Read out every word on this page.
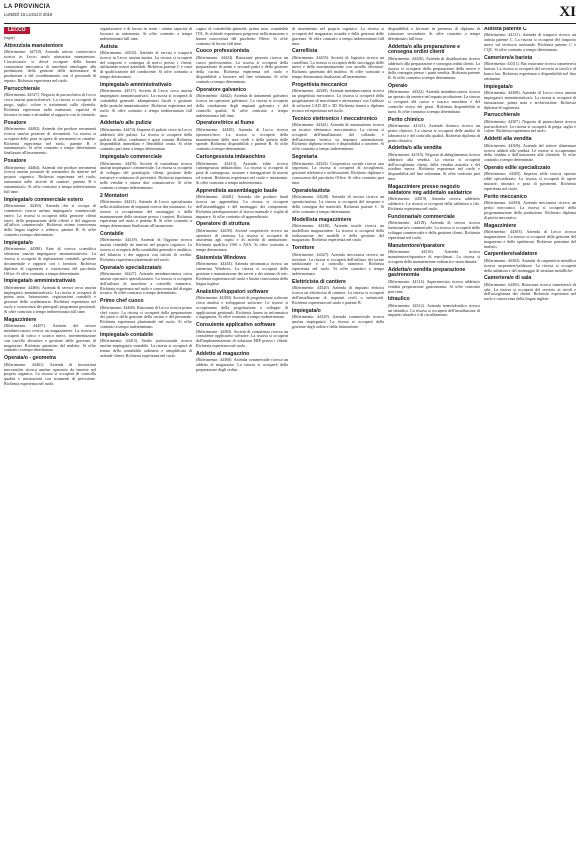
LA PROVINCIA
LUNEDÌ 15 LUGLIO 2019	XI
LECCO
(segue)
Attrezzista manutentore
(Riferimento: 44710). Azienda settore cartotecnico ricerca in Lecco una/o attrezzista manutentore. L'incaricata/o si dovrà occupare della buona conoscenza meccanica di macchine omologate alla produzione, della gestione delle attrezzature di produzione e del coordinamento con il personale di reparto. Richiesta esperienza nel ruolo.
Parrucchiera/e
(Riferimento: 44527). Negozio di parrucchiera di Lecco cerca una/un parrucchiera/e. La risorsa si occuperà di piega, taglio, colore e trattamenti sulla clientela. Richiesta esperienza nella mansione, capacità di lavorare in team e attitudine al rapporto con la clientela.
Posatore
(Riferimento: 44492). Azienda che produce serramenti ricerca una/un posatore di serramenti. La risorsa si occuperà della posa in opera di serramenti in cantiere. Richiesta esperienza nel ruolo, patente B e automunita/o. Si offre contratto a tempo determinato finalizzato all'inserimento.
Posatore
(Riferimento: 44464). Azienda che produce serramenti ricerca una/un posatore di serramenti da inserire nel proprio organico. Richiesta esperienza nel ruolo, autonomia nelle attività di cantiere, patente B e automunita/o. Si offre contratto a tempo indeterminato full time.
Impiegata/o commerciale estero
(Riferimento: 44453). Azienda che si occupa di commercio ricerca un/una impiegata/o commerciale estero. La risorsa si occuperà della gestione clienti esteri, della preparazione delle offerte e del supporto all'ufficio commerciale. Richiesta ottima conoscenza della lingua inglese e tedesca, patente B. Si offre contratto a tempo determinato.
Impiegata/o
(Riferimento: 44380). Ente di ricerca scientifica seleziona una/un impiegata/o amministrativa/o. La risorsa si occuperà di registrazioni contabili, gestione documentale e rapporti con i fornitori. Richiesto diploma di ragioneria e conoscenza del pacchetto Office. Si offre contratto a tempo determinato.
Impiegata/o amministrativa/o
(Riferimento: 44466). Azienda di servizi cerca una/un impiegata/o amministrativa/o. La risorsa si occuperà di prima nota, fatturazione, registrazioni contabili e gestione dello scadenziario. Richiesta esperienza nel ruolo e conoscenza dei principali programmi gestionali. Si offre contratto a tempo indeterminato full time.
Magazziniere
(Riferimento: 44497). Azienda del settore metalmeccanico ricerca un magazziniere. La risorsa si occuperà di carico e scarico merci, movimentazione con carrello elevatore e gestione delle giacenze di magazzino. Richiesto patentino del muletto. Si offre contratto a tempo determinato.
Operaia/o - geometra
(Riferimento: 44461). Azienda di lavorazioni meccaniche ricerca una/un operaia/o da inserire nel proprio organico. La risorsa si occuperà di controllo qualità e misurazioni con strumenti di precisione. Richiesta esperienza nel ruolo.
organizzative e di lavoro in team - ottima capacità di lavorare in autonomia. Si offre contratto a tempo indeterminato full time.
Autista
(Riferimento: 44535). Azienda di servizi e trasporti ricerca in Lecco una/un autista. La risorsa si occuperà del trasporto e consegna di merci presso i clienti, utilizzando mezzi aziendali. Richiesta patente C e carta di qualificazione del conducente. Si offre contratto a tempo determinato.
Impiegata/o amministrativa/o
(Riferimento: 44517). Società di Lecco cerca una/un impiegata/o amministrativa/o. La risorsa si occuperà di contabilità generale, adempimenti fiscali e gestione delle pratiche amministrative. Richiesta esperienza nel ruolo. Si offre contratto a tempo indeterminato full time.
Addetta/o alle pulizie
(Riferimento: 44474). Impresa di pulizie cerca in Lecco addetta/o alle pulizie. La risorsa si occuperà della pulizia di uffici, condomini e spazi comuni. Richiesta disponibilità immediata e flessibilità oraria. Si offre contratto part time a tempo determinato.
Impiegata/o commerciale
(Riferimento: 44476). Società di consulenza ricerca una/un impiegata/o commerciale. La risorsa si occuperà di sviluppo del portafoglio clienti, gestione delle trattative e redazione di preventivi. Richiesta esperienza nelle vendite e ottime doti comunicative. Si offre contratto a tempo indeterminato.
2 Montatori
(Riferimento: 44431). Azienda di Lecco specializzata nella installazione di impianti ricerca due montatori. Le risorse si occuperanno del montaggio e della manutenzione delle strutture presso i cantieri. Richiesta esperienza nel ruolo e patente B. Si offre contratto a tempo determinato finalizzato all'assunzione.
Contabile
(Riferimento: 44418). Azienda di Oggiono ricerca una/un contabile da inserire nel proprio organico. La risorsa si occuperà della contabilità generale e analitica, del bilancio e dei rapporti con istituti di credito. Richiesta esperienza pluriennale nel ruolo.
Operaia/o specializzata/o
(Riferimento: 44427). Azienda metalmeccanica cerca una/un operaia/o specializzata/o. La risorsa si occuperà dell'utilizzo di macchine a controllo numerico. Richiesta esperienza nel ruolo e conoscenza del disegno tecnico. Si offre contratto a tempo determinato.
Primo chef cuoco
(Riferimento: 44468). Ristorante di Lecco ricerca primo chef cuoco. La risorsa si occuperà della preparazione dei piatti e della gestione della cucina e del personale. Richiesta esperienza pluriennale nel ruolo. Si offre contratto a tempo indeterminato.
Impiegata/o contabile
(Riferimento: 44415). Studio professionale ricerca una/un impiegata/o contabile. La risorsa si occuperà di tenuta della contabilità ordinaria e semplificata di aziende clienti. Richiesta esperienza nel ruolo.
capaci di contabilità generale, prima nota, contabilità IVA. Si richiede esperienza pregressa nella mansione e buona conoscenza del pacchetto Office. Si offre contratto di lavoro full time.
Cuoco professionista
(Riferimento: 44424). Ristorante pizzeria ricerca un cuoco professionista. La risorsa si occuperà della preparazione di primi e secondi piatti e della gestione della cucina. Richiesta esperienza nel ruolo e disponibilità a lavorare nel fine settimana. Si offre contratto a tempo determinato.
Operatore galvanico
(Riferimento: 44442). Azienda di trattamenti galvanici ricerca un operatore galvanico. La risorsa si occuperà della conduzione degli impianti galvanici e del controllo qualità. Si offre contratto a tempo indeterminato full time.
Operatore/trice al fiume
(Riferimento: 44428). Azienda di Lecco ricerca operatore/trice. La risorsa si occuperà della manutenzione delle aree verdi e della pulizia delle sponde. Richiesta disponibilità e patente B. Si offre contratto a tempo determinato.
Cartongessista imbianchino
(Riferimento: 44413). Azienda edile ricerca cartongessista imbianchino. La risorsa si occuperà di posa di cartongesso, rasature e tinteggiature di interni ed esterni. Richiesta esperienza nel ruolo e autonomia. Si offre contratto a tempo indeterminato.
Apprendista assemblaggio baule
(Riferimento: 44441). Azienda che produce bauli ricerca un apprendista. La risorsa si occuperà dell'assemblaggio e del montaggio dei componenti. Richiesta predisposizione al lavoro manuale e voglia di imparare. Si offre contratto di apprendistato.
Operatore di struttura
(Riferimento: 44439). Società cooperativa ricerca un operatore di struttura. La risorsa si occuperà di assistenza agli ospiti e di attività di animazione. Richiesta qualifica OSS o ASA. Si offre contratto a tempo determinato.
Sistemista Windows
(Riferimento: 44434). Azienda informatica ricerca un sistemista Windows. La risorsa si occuperà della gestione e manutenzione dei server e dei sistemi di rete. Richiesta esperienza nel ruolo e buona conoscenza della lingua inglese.
Analisti/sviluppatori software
(Riferimento: 44380). Società di progettazione software cerca analisti e sviluppatori software. Le risorse si occuperanno della progettazione e sviluppo di applicazioni gestionali. Richiesta laurea in informatica o ingegneria. Si offre contratto a tempo indeterminato.
Consulente applicativo software
(Riferimento: 44384). Società di consulenza ricerca un consulente applicativo software. La risorsa si occuperà dell'implementazione di soluzioni ERP presso i clienti. Richiesta esperienza nel ruolo.
Addetto al magazzino
(Riferimento: 44360). Azienda commerciale ricerca un addetto al magazzino. La risorsa si occuperà della preparazione degli ordini.
di inserimento nel proprio organico. La risorsa si occuperà del magazzino ricambi e della gestione delle giacenze. Si offre contratto a tempo indeterminato full time.
Carrellista
(Riferimento: 44435). Società di logistica ricerca un carrellista. La risorsa si occuperà dello stoccaggio delle merci e della movimentazione con carrello elevatore. Richiesto patentino del muletto. Si offre contratto a tempo determinato finalizzato all'inserimento.
Progettista meccanico
(Riferimento: 44349). Azienda metalmeccanica ricerca un progettista meccanico. La risorsa si occuperà della progettazione di macchinari e attrezzature con l'utilizzo di software CAD 2D e 3D. Richiesta laurea o diploma tecnico ed esperienza nel ruolo.
Tecnico elettronico / meccatronico
(Riferimento: 44342). Azienda di automazione ricerca un tecnico elettronico meccatronico. La risorsa si occuperà dell'installazione, del collaudo e dell'assistenza tecnica su impianti automatizzati. Richiesto diploma tecnico e disponibilità a trasferte. Si offre contratto a tempo indeterminato.
Segretaria
(Riferimento: 44324). Cooperativa sociale ricerca una segretaria. La risorsa si occuperà di accoglienza, gestione telefonica e archiviazione. Richiesto diploma e conoscenza del pacchetto Office. Si offre contratto part time.
Operaio/autista
(Riferimento: 44328). Azienda di servizi ricerca un operaio/autista. La risorsa si occuperà del trasporto e della consegna dei materiali. Richiesta patente C. Si offre contratto a tempo determinato.
Modellista magazziniere
(Riferimento: 44330). Azienda tessile ricerca un modellista magazziniere. La risorsa si occuperà della realizzazione dei modelli e della gestione del magazzino. Richiesta esperienza nel ruolo.
Tornitore
(Riferimento: 44327). Azienda meccanica ricerca un tornitore. La risorsa si occuperà dell'utilizzo del tornio tradizionale e a controllo numerico. Richiesta esperienza nel ruolo. Si offre contratto a tempo indeterminato.
Elettricista di cantiere
(Riferimento: 44320). Azienda di impianti elettrici ricerca un elettricista di cantiere. La risorsa si occuperà dell'installazione di impianti civili e industriali. Richiesta esperienza nel ruolo e patente B.
Impiegata/o
(Riferimento: 44329). Azienda commerciale ricerca una/un impiegata/o. La risorsa si occuperà della gestione degli ordini e della fatturazione.
disponibilità a lavorare in presenza di diploma di istruzione secondaria. Si offre contratto a tempo determinato full time.
Addetta/o alla preparazione e consegna ordini clienti
(Riferimento: 44326). Azienda di distribuzione ricerca addetta/o alla preparazione e consegna ordini clienti. La risorsa si occuperà della preparazione della merce e della consegna presso i punti vendita. Richiesta patente B. Si offre contratto a tempo determinato.
Operaio
(Riferimento: 44322). Azienda metalmeccanica ricerca un operaio da inserire nel reparto produzione. La risorsa si occuperà del carico e scarico macchine e del controllo visivo dei pezzi. Richiesta disponibilità ai turni. Si offre contratto a tempo determinato.
Perito chimico
(Riferimento: 44321). Azienda chimica ricerca un perito chimico. La risorsa si occuperà delle analisi di laboratorio e del controllo qualità. Richiesto diploma di perito chimico.
Addetta/o alla vendita
(Riferimento: 44310). Negozio di abbigliamento ricerca addetta/o alla vendita. La risorsa si occuperà dell'accoglienza clienti, della vendita assistita e del riordino merce. Richiesta esperienza nel ruolo e disponibilità nel fine settimana. Si offre contratto part time.
Magazziniere presso negozio saldatore mig addetta/o saldatrice
(Riferimento: 44319). Azienda ricerca addetta/o saldatrice. La risorsa si occuperà della saldatura a filo. Richiesta esperienza nel ruolo.
Funzionaria/o commerciale
(Riferimento: 44318). Azienda di servizi ricerca funzionaria/o commerciale. La risorsa si occuperà dello sviluppo commerciale e della gestione clienti. Richiesta esperienza nel ruolo.
Manutentore/riparatore
(Riferimento: 44316). Azienda ricerca manutentore/riparatore di macchinari. La risorsa si occuperà della manutenzione ordinaria e straordinaria.
Addetta/o vendita preparazione gastronomia
(Riferimento: 44314). Supermercato ricerca addetta/o vendita preparazione gastronomia. Si offre contratto part time.
Idraulico
(Riferimento: 44312). Azienda termoidraulica ricerca un idraulico. La risorsa si occuperà dell'installazione di impianti idraulici e di riscaldamento.
Autista patente C
(Riferimento: 44311). Azienda di trasporti ricerca un autista patente C. La risorsa si occuperà del trasporto merci sul territorio nazionale. Richiesta patente C e CQC. Si offre contratto a tempo determinato.
Cameriere/a barista
(Riferimento: 44311). Bar ristorante ricerca cameriere/a barista. La risorsa si occuperà del servizio ai tavoli e al banco bar. Richiesta esperienza e disponibilità nel fine settimana.
Impiegata/o
(Riferimento: 44308). Azienda di Lecco cerca una/un impiegata/o amministrativa/o. La risorsa si occuperà di fatturazione, prima nota e archiviazione. Richiesto diploma di ragioneria.
Parrucchiera/e
(Riferimento: 44307). Negozio di parrucchiera ricerca parrucchiera/e. La risorsa si occuperà di piega, taglio e colore. Richiesta esperienza nel ruolo.
Addetti alla vendita
(Riferimento: 44306). Azienda del settore alimentare ricerca addetti alla vendita. Le risorse si occuperanno della vendita e dell'assistenza alla clientela. Si offre contratto a tempo determinato.
Operaio edile specializzato
(Riferimento: 44305). Impresa edile ricerca operaio edile specializzato. La risorsa si occuperà di opere murarie, intonaci e posa di pavimenti. Richiesta esperienza nel ruolo.
Perito meccanico
(Riferimento: 44304). Azienda meccanica ricerca un perito meccanico. La risorsa si occuperà della programmazione della produzione. Richiesto diploma di perito meccanico.
Magazziniere
(Riferimento: 44303). Azienda di Lecco ricerca magazziniere. La risorsa si occuperà della gestione del magazzino e delle spedizioni. Richiesto patentino del muletto.
Carpentiere/saldatore
(Riferimento: 44302). Azienda di carpenteria metallica ricerca carpentiere/saldatore. La risorsa si occuperà della saldatura e del montaggio di strutture metalliche.
Cameriera/e di sala
(Riferimento: 44301). Ristorante ricerca cameriera/e di sala. La risorsa si occuperà del servizio ai tavoli e dell'accoglienza dei clienti. Richiesta esperienza nel ruolo e conoscenza della lingua inglese.
